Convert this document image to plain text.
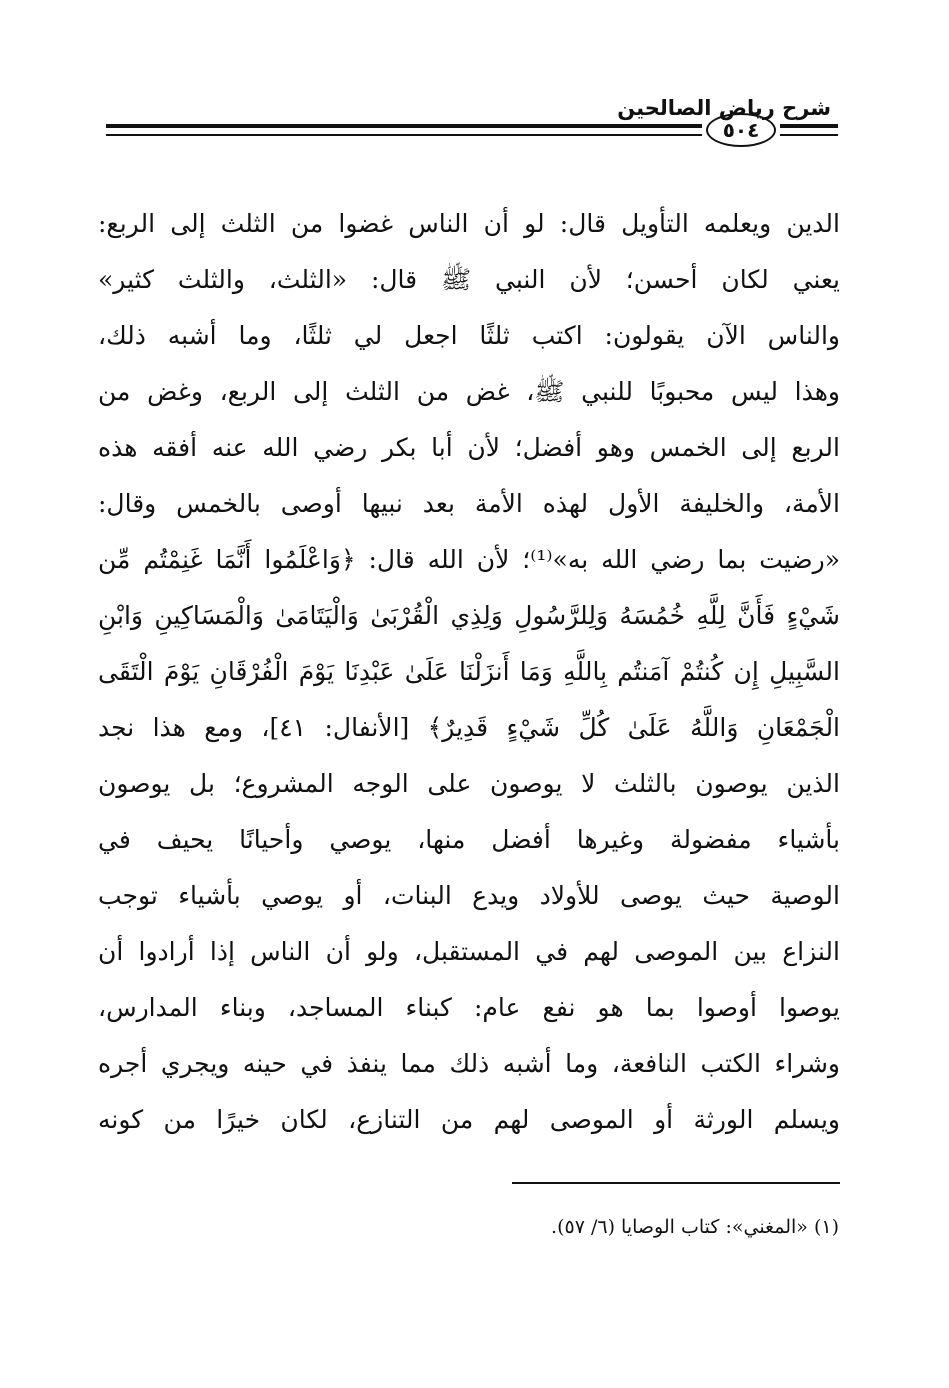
شرح رياض الصالحين
٥٠٤
الدين ويعلمه التأويل قال: لو أن الناس غضوا من الثلث إلى الربع:
يعني لكان أحسن؛ لأن النبي ﷺ قال: «الثلث، والثلث كثير»
والناس الآن يقولون: اكتب ثلثًا اجعل لي ثلثًا، وما أشبه ذلك،
وهذا ليس محبوبًا للنبي ﷺ، غض من الثلث إلى الربع، وغض من
الربع إلى الخمس وهو أفضل؛ لأن أبا بكر رضي الله عنه أفقه هذه
الأمة، والخليفة الأول لهذه الأمة بعد نبيها أوصى بالخمس وقال:
«رضيت بما رضي الله به»⁽¹⁾؛ لأن الله قال: ﴿وَاعْلَمُوا أَنَّمَا غَنِمْتُم مِّن
شَيْءٍ فَأَنَّ لِلَّهِ خُمُسَهُ وَلِلرَّسُولِ وَلِذِي الْقُرْبَىٰ وَالْيَتَامَىٰ وَالْمَسَاكِينِ وَابْنِ
السَّبِيلِ إِن كُنتُمْ آمَنتُم بِاللَّهِ وَمَا أَنزَلْنَا عَلَىٰ عَبْدِنَا يَوْمَ الْفُرْقَانِ يَوْمَ الْتَقَى
الْجَمْعَانِ وَاللَّهُ عَلَىٰ كُلِّ شَيْءٍ قَدِيرٌ﴾ [الأنفال: ٤١]، ومع هذا نجد
الذين يوصون بالثلث لا يوصون على الوجه المشروع؛ بل يوصون
بأشياء مفضولة وغيرها أفضل منها، يوصي وأحيانًا يحيف في
الوصية حيث يوصى للأولاد ويدع البنات، أو يوصي بأشياء توجب
النزاع بين الموصى لهم في المستقبل، ولو أن الناس إذا أرادوا أن
يوصوا أوصوا بما هو نفع عام: كبناء المساجد، وبناء المدارس،
وشراء الكتب النافعة، وما أشبه ذلك مما ينفذ في حينه ويجري أجره
ويسلم الورثة أو الموصى لهم من التنازع، لكان خيرًا من كونه
(١) «المغني»: كتاب الوصايا (٦/ ٥٧).
